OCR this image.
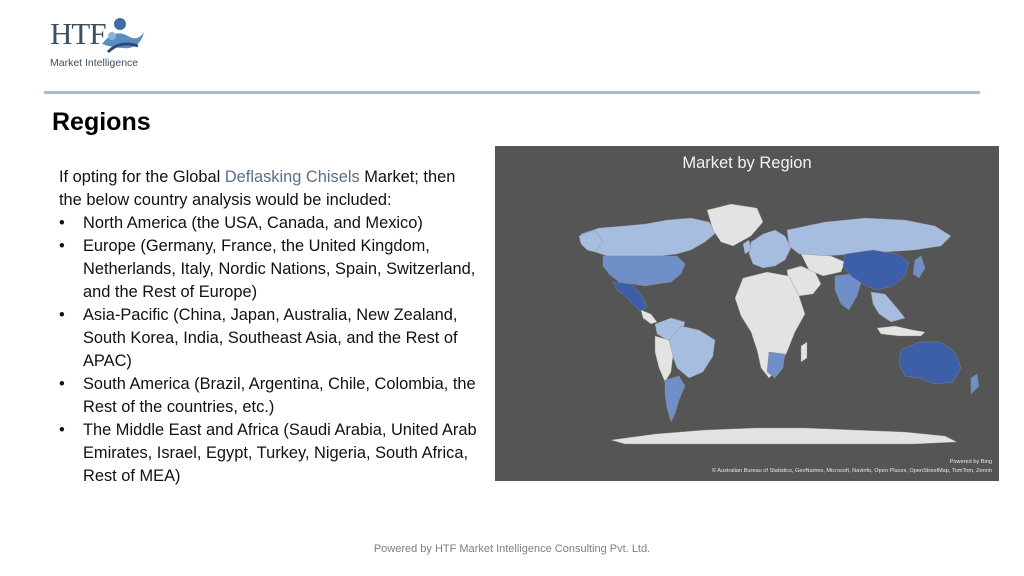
HTF
Market Intelligence
Regions

If opting for the Global Deflasking Chisels Market; then the below country analysis would be included:

• North America (the USA, Canada, and Mexico)
• Europe (Germany, France, the United Kingdom, Netherlands, Italy, Nordic Nations, Spain, Switzerland, and the Rest of Europe)
• Asia-Pacific (China, Japan, Australia, New Zealand, South Korea, India, Southeast Asia, and the Rest of APAC)
• South America (Brazil, Argentina, Chile, Colombia, the Rest of the countries, etc.)
• The Middle East and Africa (Saudi Arabia, United Arab Emirates, Israel, Egypt, Turkey, Nigeria, South Africa, Rest of MEA)
Market by Region
Powered by Bing
© Australian Bureau of Statistics, GeoNames, Microsoft, Navinfo, Open Places, OpenStreetMap, TomTom, Zenrin
Powered by HTF Market Intelligence Consulting Pvt. Ltd.
